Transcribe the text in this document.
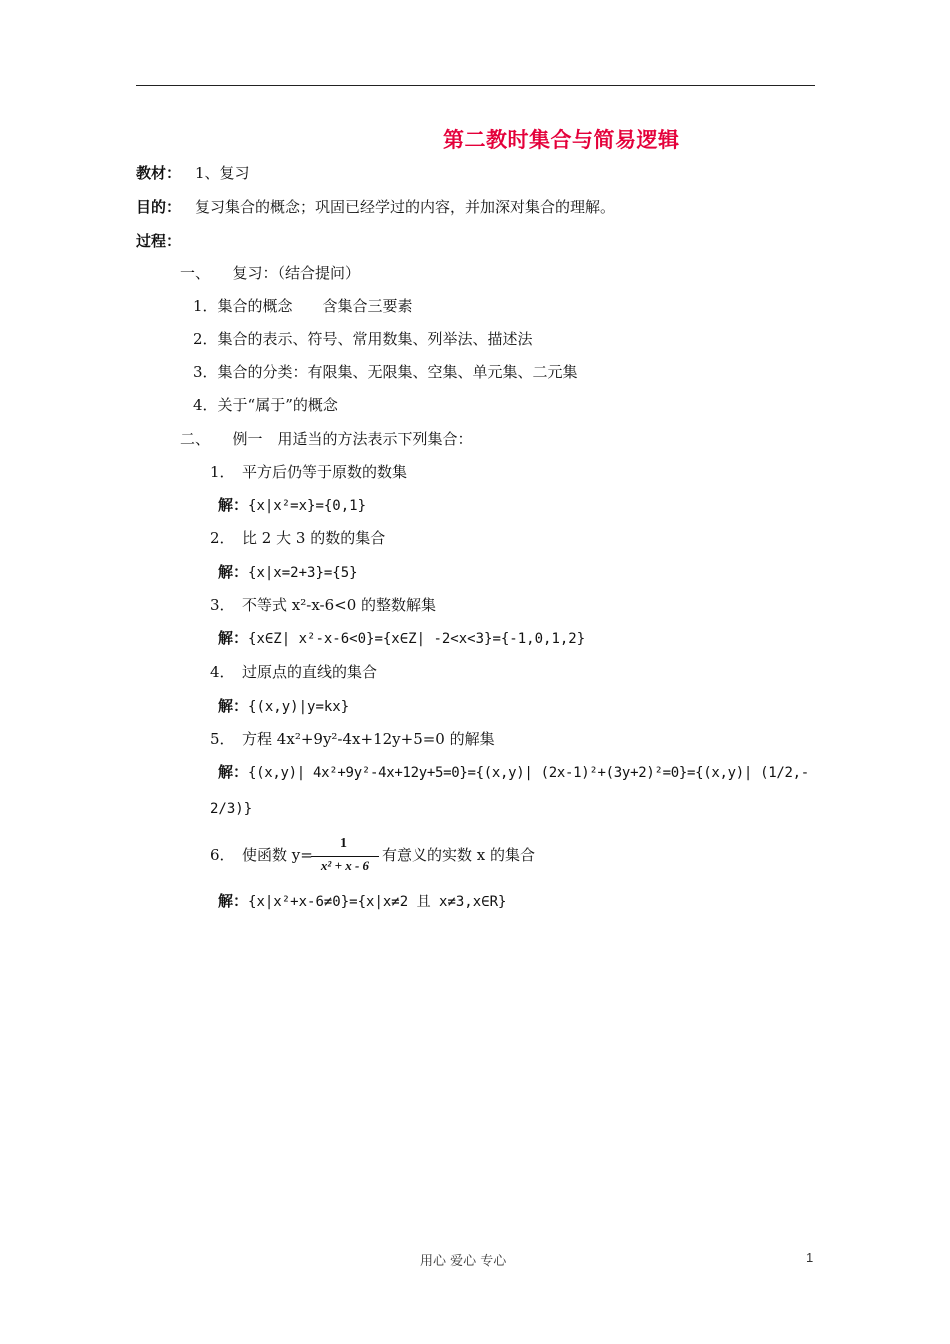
第二教时集合与简易逻辑
教材： 1、复习
目的： 复习集合的概念；巩固已经学过的内容，并加深对集合的理解。
过程：
一、　　复习：（结合提问）
1．集合的概念　　含集合三要素
2．集合的表示、符号、常用数集、列举法、描述法
3．集合的分类：有限集、无限集、空集、单元集、二元集
4．关于“属于”的概念
二、　　例一　用适当的方法表示下列集合：
1．　平方后仍等于原数的数集
解：{x|x²=x}={0,1}
2．　比 2 大 3 的数的集合
解：{x|x=2+3}={5}
3．　不等式 x²-x-6<0 的整数解集
解：{x∈Z| x²-x-6<0}={x∈Z| -2<x<3}={-1,0,1,2}
4．　过原点的直线的集合
解：{(x,y)|y=kx}
5．　方程 4x²+9y²-4x+12y+5=0 的解集
解：{(x,y)| 4x²+9y²-4x+12y+5=0}={(x,y)| (2x-1)²+(3y+2)²=0}={(x,y)| (1/2,-
2/3)}
6．　使函数 y=
1
x² + x - 6
有意义的实数 x 的集合
解：{x|x²+x-6≠0}={x|x≠2 且 x≠3,x∈R}
用心 爱心 专心	1
